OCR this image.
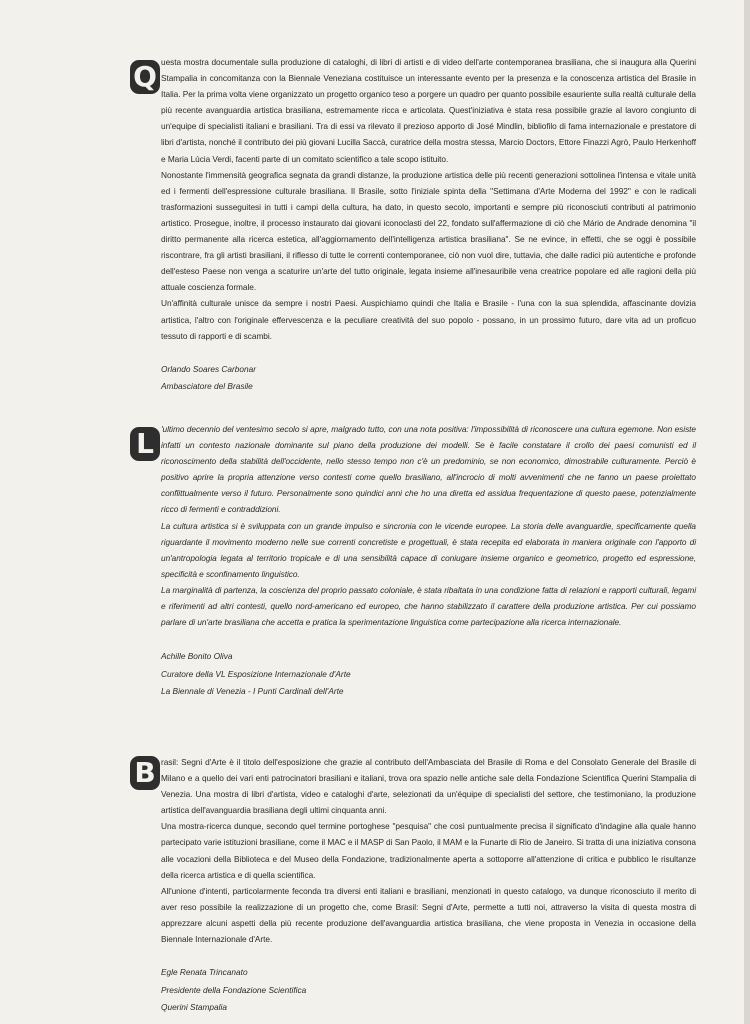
Q uesta mostra documentale sulla produzione di cataloghi, di libri di artisti e di video dell'arte contemporanea brasiliana, che si inaugura alla Querini Stampalia in concomitanza con la Biennale Veneziana costituisce un interessante evento per la presenza e la conoscenza artistica del Brasile in Italia. Per la prima volta viene organizzato un progetto organico teso a porgere un quadro per quanto possibile esauriente sulla realtà culturale della più recente avanguardia artistica brasiliana, estremamente ricca e articolata. Quest'iniziativa è stata resa possibile grazie al lavoro congiunto di un'equipe di specialisti italiani e brasiliani. Tra di essi va rilevato il prezioso apporto di José Mindlin, bibliofilo di fama internazionale e prestatore di libri d'artista, nonché il contributo dei più giovani Lucilla Saccà, curatrice della mostra stessa, Marcio Doctors, Ettore Finazzi Agrò, Paulo Herkenhoff e Maria Lúcia Verdi, facenti parte di un comitato scientifico a tale scopo istituito.

Nonostante l'immensità geografica segnata da grandi distanze, la produzione artistica delle più recenti generazioni sottolinea l'intensa e vitale unità ed i fermenti dell'espressione culturale brasiliana. Il Brasile, sotto l'iniziale spinta della "Settimana d'Arte Moderna del 1992" e con le radicali trasformazioni susseguitesi in tutti i campi della cultura, ha dato, in questo secolo, importanti e sempre più riconosciuti contributi al patrimonio artistico. Prosegue, inoltre, il processo instaurato dai giovani iconoclasti del 22, fondato sull'affermazione di ciò che Mário de Andrade denomina "il diritto permanente alla ricerca estetica, all'aggiornamento dell'intelligenza artistica brasiliana". Se ne evince, in effetti, che se oggi è possibile riscontrare, fra gli artisti brasiliani, il riflesso di tutte le correnti contemporanee, ciò non vuol dire, tuttavia, che dalle radici più autentiche e profonde dell'esteso Paese non venga a scaturire un'arte del tutto originale, legata insieme all'inesauribile vena creatrice popolare ed alle ragioni della più attuale coscienza formale.

Un'affinità culturale unisce da sempre i nostri Paesi. Auspichiamo quindi che Italia e Brasile - l'una con la sua splendida, affascinante dovizia artistica, l'altro con l'originale effervescenza e la peculiare creatività del suo popolo - possano, in un prossimo futuro, dare vita ad un proficuo tessuto di rapporti e di scambi.

Orlando Soares Carbonar
Ambasciatore del Brasile
L 'ultimo decennio del ventesimo secolo si apre, malgrado tutto, con una nota positiva: l'impossibilità di riconoscere una cultura egemone. Non esiste infatti un contesto nazionale dominante sul piano della produzione dei modelli. Se è facile constatare il crollo dei paesi comunisti ed il riconoscimento della stabilità dell'occidente, nello stesso tempo non c'è un predominio, se non economico, dimostrabile culturamente. Perciò è positivo aprire la propria attenzione verso contesti come quello brasiliano, all'incrocio di molti avvenimenti che ne fanno un paese proiettato conflittualmente verso il futuro. Personalmente sono quindici anni che ho una diretta ed assidua frequentazione di questo paese, potenzialmente ricco di fermenti e contraddizioni.

La cultura artistica si è sviluppata con un grande impulso e sincronia con le vicende europee. La storia delle avanguardie, specificamente quella riguardante il movimento moderno nelle sue correnti concretiste e progettuali, è stata recepita ed elaborata in maniera originale con l'apporto di un'antropologia legata al territorio tropicale e di una sensibilità capace di coniugare insieme organico e geometrico, progetto ed espressione, specificità e sconfinamento linguistico.

La marginalità di partenza, la coscienza del proprio passato coloniale, è stata ribaltata in una condizione fatta di relazioni e rapporti culturali, legami e riferimenti ad altri contesti, quello nord-americano ed europeo, che hanno stabilizzato il carattere della produzione artistica. Per cui possiamo parlare di un'arte brasiliana che accetta e pratica la sperimentazione linguistica come partecipazione alla ricerca internazionale.

Achille Bonito Oliva
Curatore della VL Esposizione Internazionale d'Arte
La Biennale di Venezia - I Punti Cardinali dell'Arte
B rasil: Segni d'Arte è il titolo dell'esposizione che grazie al contributo dell'Ambasciata del Brasile di Roma e del Consolato Generale del Brasile di Milano e a quello dei vari enti patrocinatori brasiliani e italiani, trova ora spazio nelle antiche sale della Fondazione Scientifica Querini Stampalia di Venezia. Una mostra di libri d'artista, video e cataloghi d'arte, selezionati da un'équipe di specialisti del settore, che testimoniano, la produzione artistica dell'avanguardia brasiliana degli ultimi cinquanta anni.

Una mostra-ricerca dunque, secondo quel termine portoghese "pesquisa" che così puntualmente precisa il significato d'indagine alla quale hanno partecipato varie istituzioni brasiliane, come il MAC e il MASP di San Paolo, il MAM e la Funarte di Rio de Janeiro. Si tratta di una iniziativa consona alle vocazioni della Biblioteca e del Museo della Fondazione, tradizionalmente aperta a sottoporre all'attenzione di critica e pubblico le risultanze della ricerca artistica e di quella scientifica.

All'unione d'intenti, particolarmente feconda tra diversi enti italiani e brasiliani, menzionati in questo catalogo, va dunque riconosciuto il merito di aver reso possibile la realizzazione di un progetto che, come Brasil: Segni d'Arte, permette a tutti noi, attraverso la visita di questa mostra di apprezzare alcuni aspetti della più recente produzione dell'avanguardia artistica brasiliana, che viene proposta in Venezia in occasione della Biennale Internazionale d'Arte.

Egle Renata Trincanato
Presidente della Fondazione Scientifica
Querini Stampalia
